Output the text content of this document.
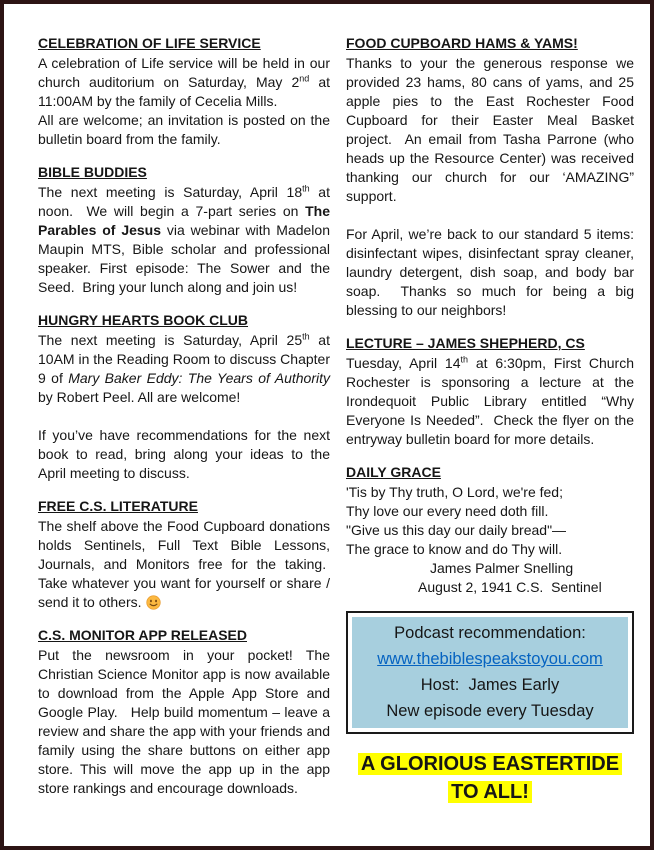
CELEBRATION OF LIFE SERVICE

A celebration of Life service will be held in our church auditorium on Saturday, May 2nd at 11:00AM by the family of Cecelia Mills.

All are welcome; an invitation is posted on the bulletin board from the family.

BIBLE BUDDIES

The next meeting is Saturday, April 18th at noon.  We will begin a 7-part series on The Parables of Jesus via webinar with Madelon Maupin MTS, Bible scholar and professional speaker. First episode: The Sower and the Seed.  Bring your lunch along and join us!

HUNGRY HEARTS BOOK CLUB

The next meeting is Saturday, April 25th at 10AM in the Reading Room to discuss Chapter 9 of Mary Baker Eddy: The Years of Authority by Robert Peel. All are welcome!

If you’ve have recommendations for the next book to read, bring along your ideas to the April meeting to discuss.

FREE C.S. LITERATURE

The shelf above the Food Cupboard donations holds Sentinels, Full Text Bible Lessons, Journals, and Monitors free for the taking.  Take whatever you want for yourself or share / send it to others.

C.S. MONITOR APP RELEASED

Put the newsroom in your pocket! The Christian Science Monitor app is now available to download from the Apple App Store and Google Play.   Help build momentum – leave a review and share the app with your friends and family using the share buttons on either app store. This will move the app up in the app store rankings and encourage downloads.

FOOD CUPBOARD HAMS & YAMS!

Thanks to your the generous response we provided 23 hams, 80 cans of yams, and 25 apple pies to the East Rochester Food Cupboard for their Easter Meal Basket project.  An email from Tasha Parrone (who heads up the Resource Center) was received thanking our church for our ‘AMAZING” support.

For April, we’re back to our standard 5 items: disinfectant wipes, disinfectant spray cleaner, laundry detergent, dish soap, and body bar soap.  Thanks so much for being a big blessing to our neighbors!

LECTURE – JAMES SHEPHERD, CS

Tuesday, April 14th at 6:30pm, First Church Rochester is sponsoring a lecture at the Irondequoit Public Library entitled “Why Everyone Is Needed”.  Check the flyer on the entryway bulletin board for more details.

DAILY GRACE

'Tis by Thy truth, O Lord, we're fed;

Thy love our every need doth fill.

"Give us this day our daily bread"—

The grace to know and do Thy will.

James Palmer Snelling

August 2, 1941 C.S.  Sentinel

Podcast recommendation:
www.thebiblespeakstoyou.com
Host:  James Early
New episode every Tuesday
A GLORIOUS EASTERTIDE
TO ALL!
